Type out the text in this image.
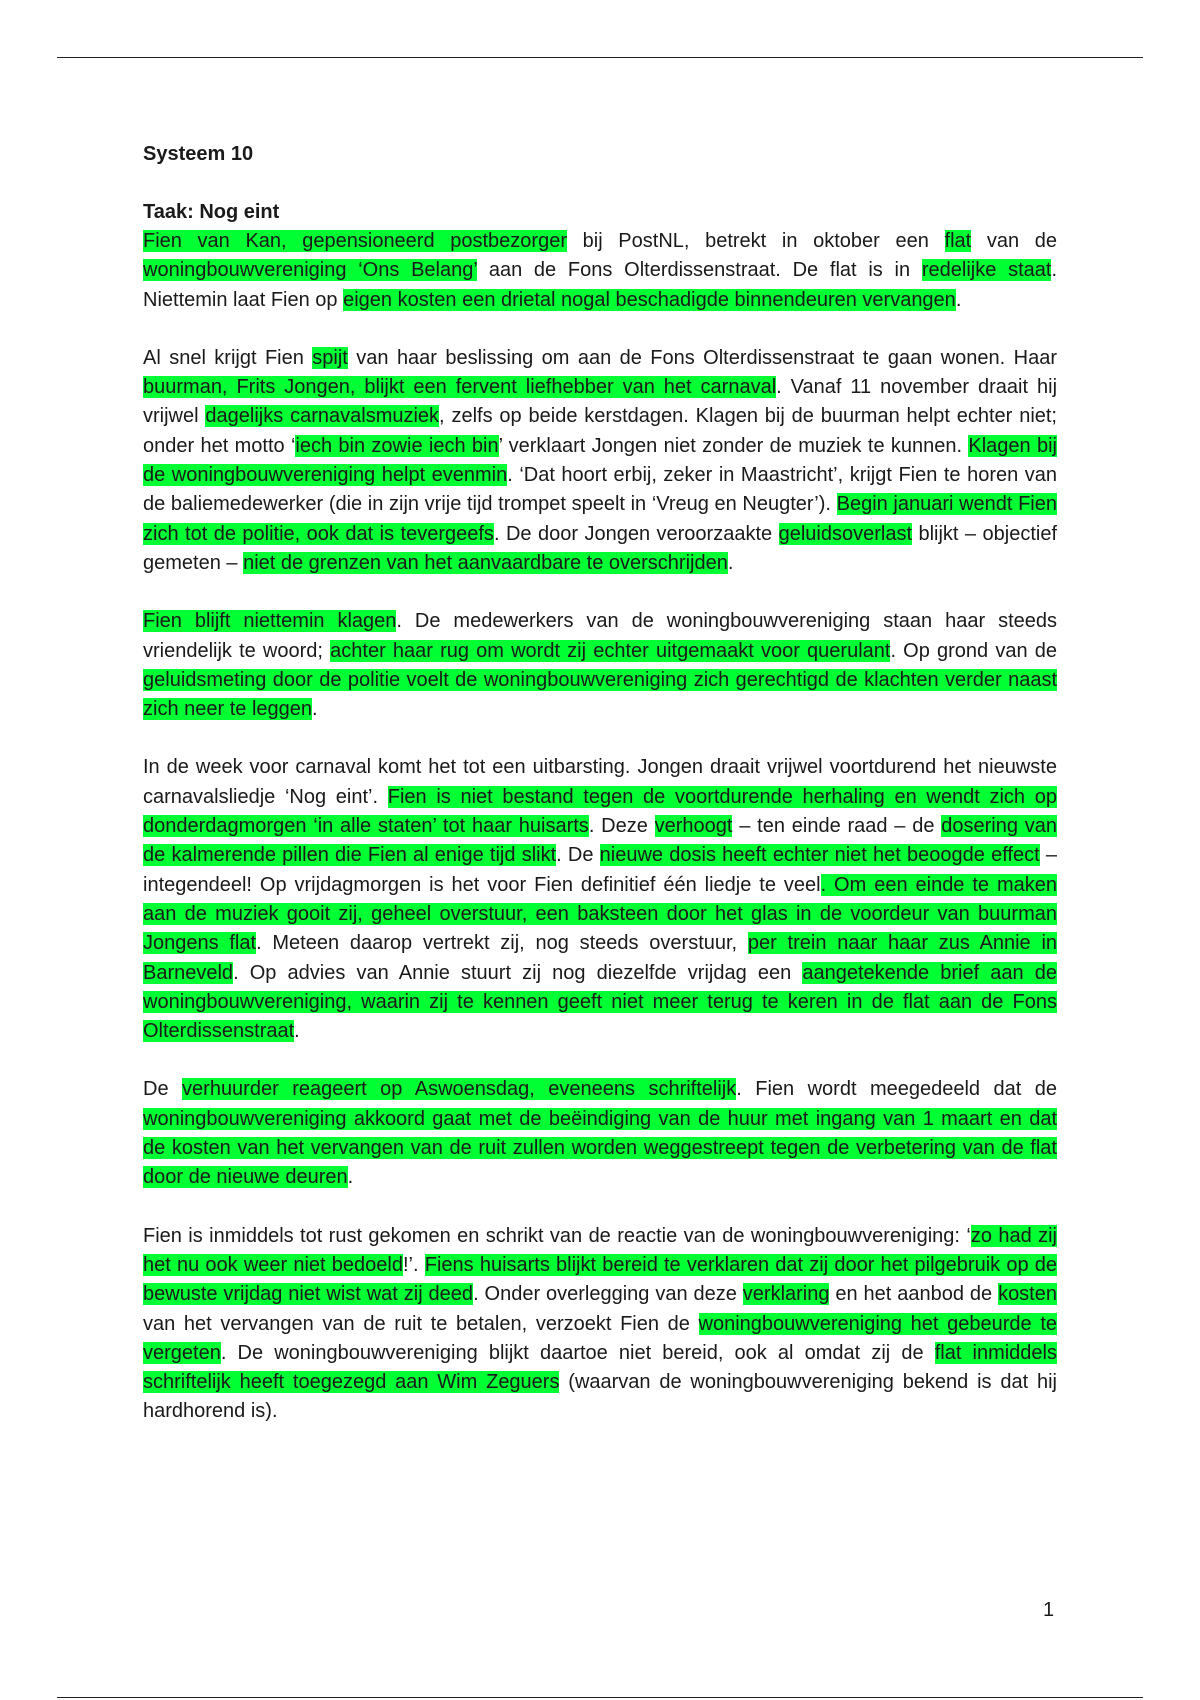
Systeem 10

Taak: Nog eint

Fien van Kan, gepensioneerd postbezorger bij PostNL, betrekt in oktober een flat van de woningbouwvereniging ‘Ons Belang’ aan de Fons Olterdissenstraat. De flat is in redelijke staat. Niettemin laat Fien op eigen kosten een drietal nogal beschadigde binnendeuren vervangen.

Al snel krijgt Fien spijt van haar beslissing om aan de Fons Olterdissenstraat te gaan wonen. Haar buurman, Frits Jongen, blijkt een fervent liefhebber van het carnaval. Vanaf 11 november draait hij vrijwel dagelijks carnavalsmuziek, zelfs op beide kerstdagen. Klagen bij de buurman helpt echter niet; onder het motto ‘iech bin zowie iech bin’ verklaart Jongen niet zonder de muziek te kunnen. Klagen bij de woningbouwvereniging helpt evenmin. ‘Dat hoort erbij, zeker in Maastricht’, krijgt Fien te horen van de baliemedewerker (die in zijn vrije tijd trompet speelt in ‘Vreug en Neugter’). Begin januari wendt Fien zich tot de politie, ook dat is tevergeefs. De door Jongen veroorzaakte geluidsoverlast blijkt – objectief gemeten – niet de grenzen van het aanvaardbare te overschrijden.

Fien blijft niettemin klagen. De medewerkers van de woningbouwvereniging staan haar steeds vriendelijk te woord; achter haar rug om wordt zij echter uitgemaakt voor querulant. Op grond van de geluidsmeting door de politie voelt de woningbouwvereniging zich gerechtigd de klachten verder naast zich neer te leggen.

In de week voor carnaval komt het tot een uitbarsting. Jongen draait vrijwel voortdurend het nieuwste carnavalsliedje ‘Nog eint’. Fien is niet bestand tegen de voortdurende herhaling en wendt zich op donderdagmorgen ‘in alle staten’ tot haar huisarts. Deze verhoogt – ten einde raad – de dosering van de kalmerende pillen die Fien al enige tijd slikt. De nieuwe dosis heeft echter niet het beoogde effect – integendeel! Op vrijdagmorgen is het voor Fien definitief één liedje te veel. Om een einde te maken aan de muziek gooit zij, geheel overstuur, een baksteen door het glas in de voordeur van buurman Jongens flat. Meteen daarop vertrekt zij, nog steeds overstuur, per trein naar haar zus Annie in Barneveld. Op advies van Annie stuurt zij nog diezelfde vrijdag een aangetekende brief aan de woningbouwvereniging, waarin zij te kennen geeft niet meer terug te keren in de flat aan de Fons Olterdissenstraat.

De verhuurder reageert op Aswoensdag, eveneens schriftelijk. Fien wordt meegedeeld dat de woningbouwvereniging akkoord gaat met de beëindiging van de huur met ingang van 1 maart en dat de kosten van het vervangen van de ruit zullen worden weggestreept tegen de verbetering van de flat door de nieuwe deuren.

Fien is inmiddels tot rust gekomen en schrikt van de reactie van de woningbouwvereniging: ‘zo had zij het nu ook weer niet bedoeld!’. Fiens huisarts blijkt bereid te verklaren dat zij door het pilgebruik op de bewuste vrijdag niet wist wat zij deed. Onder overlegging van deze verklaring en het aanbod de kosten van het vervangen van de ruit te betalen, verzoekt Fien de woningbouwvereniging het gebeurde te vergeten. De woningbouwvereniging blijkt daartoe niet bereid, ook al omdat zij de flat inmiddels schriftelijk heeft toegezegd aan Wim Zeguers (waarvan de woningbouwvereniging bekend is dat hij hardhorend is).

1
